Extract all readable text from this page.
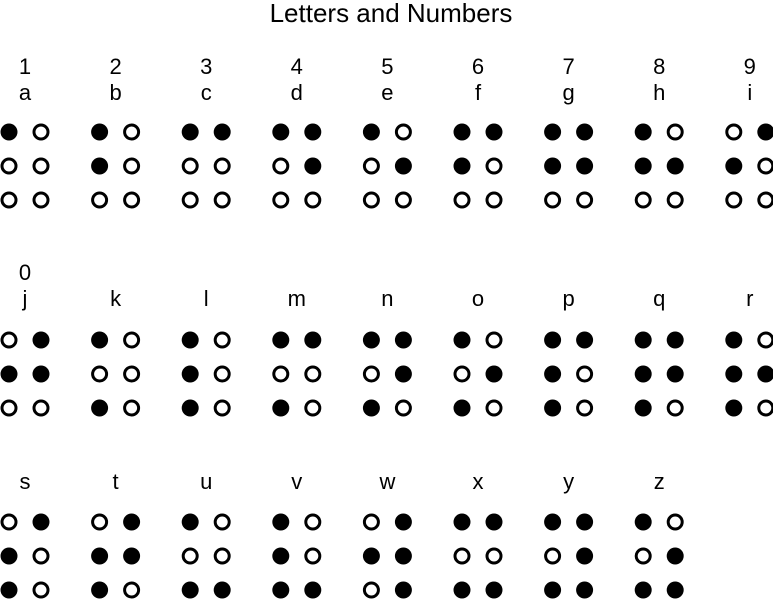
Letters and Numbers
1
a
2
b
3
c
4
d
5
e
6
f
7
g
8
h
9
i
0
j	k	l	m	n	o	p	q	r
s	t	u	v	w	x	y	z
